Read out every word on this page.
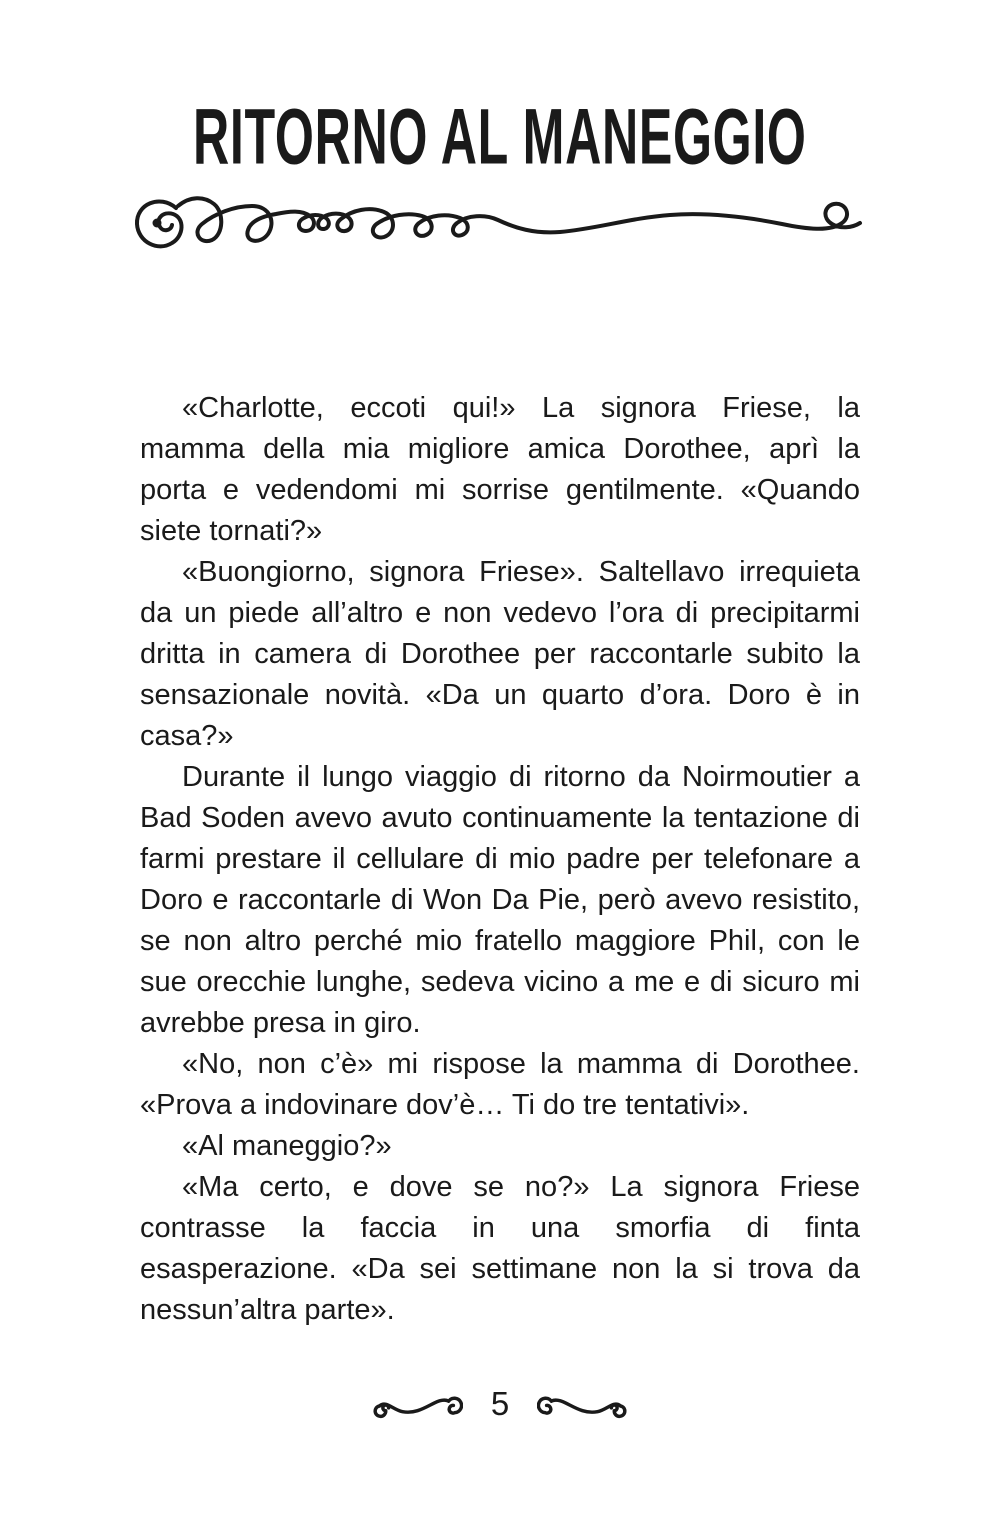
RITORNO AL MANEGGIO

«Charlotte, eccoti qui!» La signora Friese, la mamma della mia migliore amica Dorothee, aprì la porta e vedendomi mi sorrise gentilmente. «Quando siete tornati?»

«Buongiorno, signora Friese». Saltellavo irrequieta da un piede all’altro e non vedevo l’ora di precipitarmi dritta in camera di Dorothee per raccontarle subito la sensazionale novità. «Da un quarto d’ora. Doro è in casa?»

Durante il lungo viaggio di ritorno da Noirmoutier a Bad Soden avevo avuto continuamente la tentazione di farmi prestare il cellulare di mio padre per telefonare a Doro e raccontarle di Won Da Pie, però avevo resistito, se non altro perché mio fratello maggiore Phil, con le sue orecchie lunghe, sedeva vicino a me e di sicuro mi avrebbe presa in giro.

«No, non c’è» mi rispose la mamma di Dorothee. «Prova a indovinare dov’è… Ti do tre tentativi».

«Al maneggio?»

«Ma certo, e dove se no?» La signora Friese contrasse la faccia in una smorfia di finta esasperazione. «Da sei settimane non la si trova da nessun’altra parte».

5
